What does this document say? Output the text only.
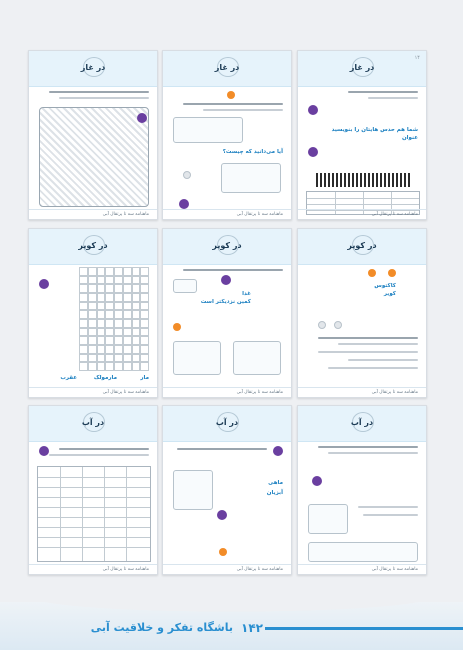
در غار
۱۴
شما هم حدس هایتان را بنویسید
عنوان
ماهنامه سه تا پرتقال آبی
در غار
آیا می‌دانید که چیست؟
ماهنامه سه تا پرتقال آبی
در غار
ماهنامه سه تا پرتقال آبی
در کویر
کاکتوس
کویر
ماهنامه سه تا پرتقال آبی
در کویر
غذا
کمین نزدیکتر است
ماهنامه سه تا پرتقال آبی
در کویر
مار
مارمولک
عقرب
ماهنامه سه تا پرتقال آبی
در آب
ماهنامه سه تا پرتقال آبی
در آب
ماهی
آبزیان
ماهنامه سه تا پرتقال آبی
در آب
ماهنامه سه تا پرتقال آبی
باشگاه تفکر و خلاقیت آبی ۱۴۲
